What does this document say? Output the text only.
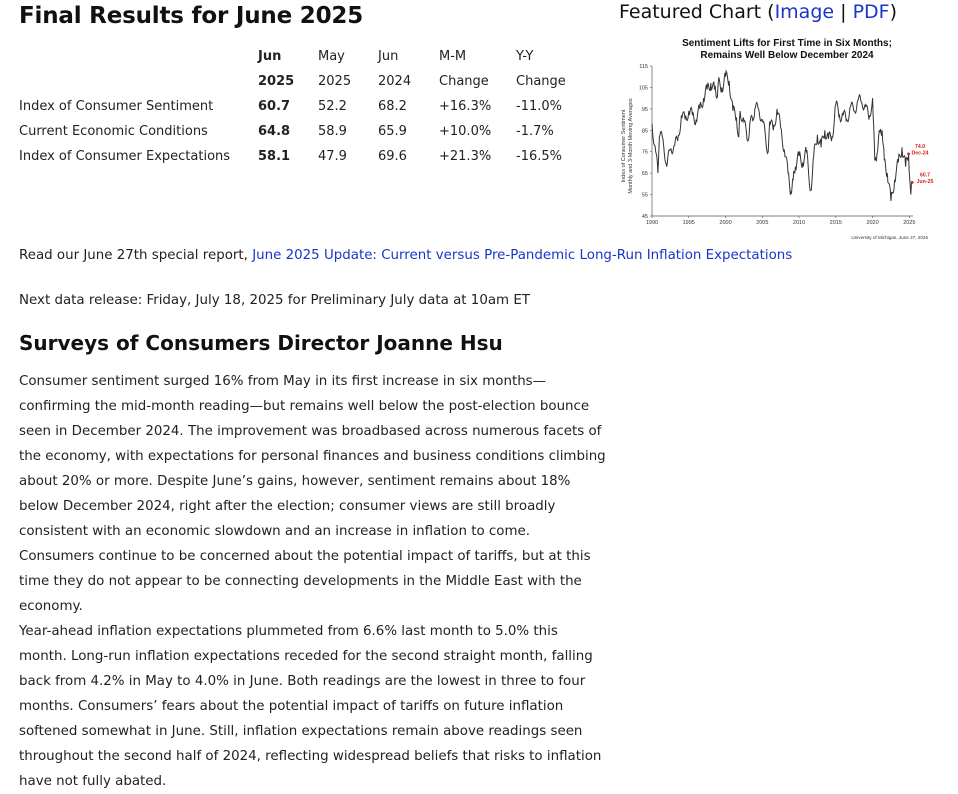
Final Results for June 2025
	Jun	May	Jun	M-M	Y-Y
	2025	2025	2024	Change	Change
Index of Consumer Sentiment	60.7	52.2	68.2	+16.3%	-11.0%
Current Economic Conditions	64.8	58.9	65.9	+10.0%	-1.7%
Index of Consumer Expectations	58.1	47.9	69.6	+21.3%	-16.5%
Featured Chart (Image | PDF)
Sentiment Lifts for First Time in Six Months;
Remains Well Below December 2024
Index of Consumer Sentiment Monthly and 3-Month Moving Averages
115
105
95
85
75
65
55
45
1990	1995	2000	2005	2010	2015	2020	2025
74.0
Dec-24
60.7
Jun-25
University of Michigan, June 27, 2025

Read our June 27th special report, June 2025 Update: Current versus Pre-Pandemic Long-Run Inflation Expectations

Next data release: Friday, July 18, 2025 for Preliminary July data at 10am ET

Surveys of Consumers Director Joanne Hsu

Consumer sentiment surged 16% from May in its first increase in six months—confirming the mid-month reading—but remains well below the post-election bounce seen in December 2024. The improvement was broadbased across numerous facets of the economy, with expectations for personal finances and business conditions climbing about 20% or more. Despite June’s gains, however, sentiment remains about 18% below December 2024, right after the election; consumer views are still broadly consistent with an economic slowdown and an increase in inflation to come. Consumers continue to be concerned about the potential impact of tariffs, but at this time they do not appear to be connecting developments in the Middle East with the economy.

Year-ahead inflation expectations plummeted from 6.6% last month to 5.0% this month. Long-run inflation expectations receded for the second straight month, falling back from 4.2% in May to 4.0% in June. Both readings are the lowest in three to four months. Consumers’ fears about the potential impact of tariffs on future inflation softened somewhat in June. Still, inflation expectations remain above readings seen throughout the second half of 2024, reflecting widespread beliefs that risks to inflation have not fully abated.
